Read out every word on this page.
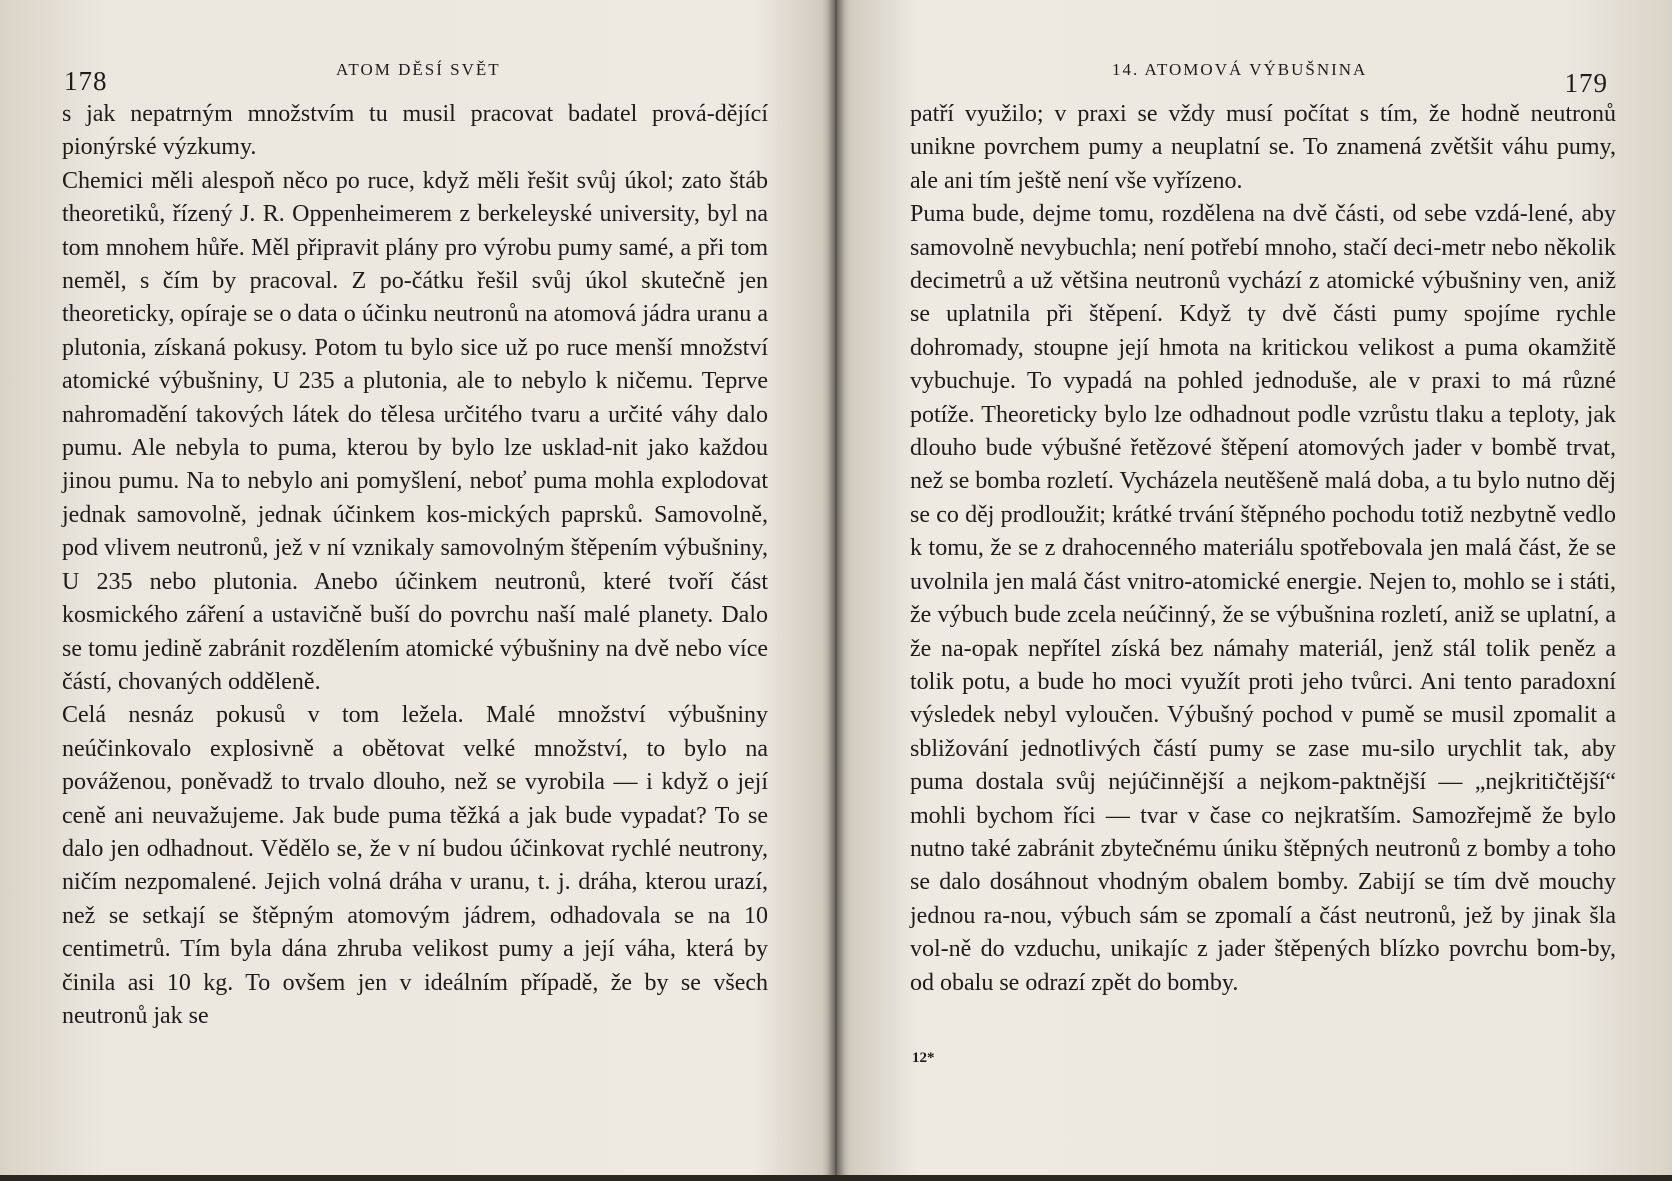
178	ATOM DĚSÍ SVĚT

s jak nepatrným množstvím tu musil pracovat badatel prová-dějící pionýrské výzkumy.

Chemici měli alespoň něco po ruce, když měli řešit svůj úkol; zato štáb theoretiků, řízený J. R. Oppenheimerem z berkeleyské university, byl na tom mnohem hůře. Měl připravit plány pro výrobu pumy samé, a při tom neměl, s čím by pracoval. Z po-čátku řešil svůj úkol skutečně jen theoreticky, opíraje se o data o účinku neutronů na atomová jádra uranu a plutonia, získaná pokusy. Potom tu bylo sice už po ruce menší množství atomické výbušniny, U 235 a plutonia, ale to nebylo k ničemu. Teprve nahromadění takových látek do tělesa určitého tvaru a určité váhy dalo pumu. Ale nebyla to puma, kterou by bylo lze usklad-nit jako každou jinou pumu. Na to nebylo ani pomyšlení, neboť puma mohla explodovat jednak samovolně, jednak účinkem kos-mických paprsků. Samovolně, pod vlivem neutronů, jež v ní vznikaly samovolným štěpením výbušniny, U 235 nebo plutonia. Anebo účinkem neutronů, které tvoří část kosmického záření a ustavičně buší do povrchu naší malé planety. Dalo se tomu jedině zabránit rozdělením atomické výbušniny na dvě nebo více částí, chovaných odděleně.

Celá nesnáz pokusů v tom ležela. Malé množství výbušniny neúčinkovalo explosivně a obětovat velké množství, to bylo na pováženou, poněvadž to trvalo dlouho, než se vyrobila — i když o její ceně ani neuvažujeme. Jak bude puma těžká a jak bude vypadat? To se dalo jen odhadnout. Vědělo se, že v ní budou účinkovat rychlé neutrony, ničím nezpomalené. Jejich volná dráha v uranu, t. j. dráha, kterou urazí, než se setkají se štěpným atomovým jádrem, odhadovala se na 10 centimetrů. Tím byla dána zhruba velikost pumy a její váha, která by činila asi 10 kg. To ovšem jen v ideálním případě, že by se všech neutronů jak se

14. ATOMOVÁ VÝBUŠNINA	179

patří využilo; v praxi se vždy musí počítat s tím, že hodně neutronů unikne povrchem pumy a neuplatní se. To znamená zvětšit váhu pumy, ale ani tím ještě není vše vyřízeno.

Puma bude, dejme tomu, rozdělena na dvě části, od sebe vzdá-lené, aby samovolně nevybuchla; není potřebí mnoho, stačí deci-metr nebo několik decimetrů a už většina neutronů vychází z atomické výbušniny ven, aniž se uplatnila při štěpení. Když ty dvě části pumy spojíme rychle dohromady, stoupne její hmota na kritickou velikost a puma okamžitě vybuchuje. To vypadá na pohled jednoduše, ale v praxi to má různé potíže. Theoreticky bylo lze odhadnout podle vzrůstu tlaku a teploty, jak dlouho bude výbušné řetězové štěpení atomových jader v bombě trvat, než se bomba rozletí. Vycházela neutěšeně malá doba, a tu bylo nutno děj se co děj prodloužit; krátké trvání štěpného pochodu totiž nezbytně vedlo k tomu, že se z drahocenného materiálu spotřebovala jen malá část, že se uvolnila jen malá část vnitro-atomické energie. Nejen to, mohlo se i státi, že výbuch bude zcela neúčinný, že se výbušnina rozletí, aniž se uplatní, a že na-opak nepřítel získá bez námahy materiál, jenž stál tolik peněz a tolik potu, a bude ho moci využít proti jeho tvůrci. Ani tento paradoxní výsledek nebyl vyloučen. Výbušný pochod v pumě se musil zpomalit a sbližování jednotlivých částí pumy se zase mu-silo urychlit tak, aby puma dostala svůj nejúčinnější a nejkom-paktnější — „nejkritičtější“ mohli bychom říci — tvar v čase co nejkratším. Samozřejmě že bylo nutno také zabránit zbytečnému úniku štěpných neutronů z bomby a toho se dalo dosáhnout vhodným obalem bomby. Zabijí se tím dvě mouchy jednou ra-nou, výbuch sám se zpomalí a část neutronů, jež by jinak šla vol-ně do vzduchu, unikajíc z jader štěpených blízko povrchu bom-by, od obalu se odrazí zpět do bomby.

12*
